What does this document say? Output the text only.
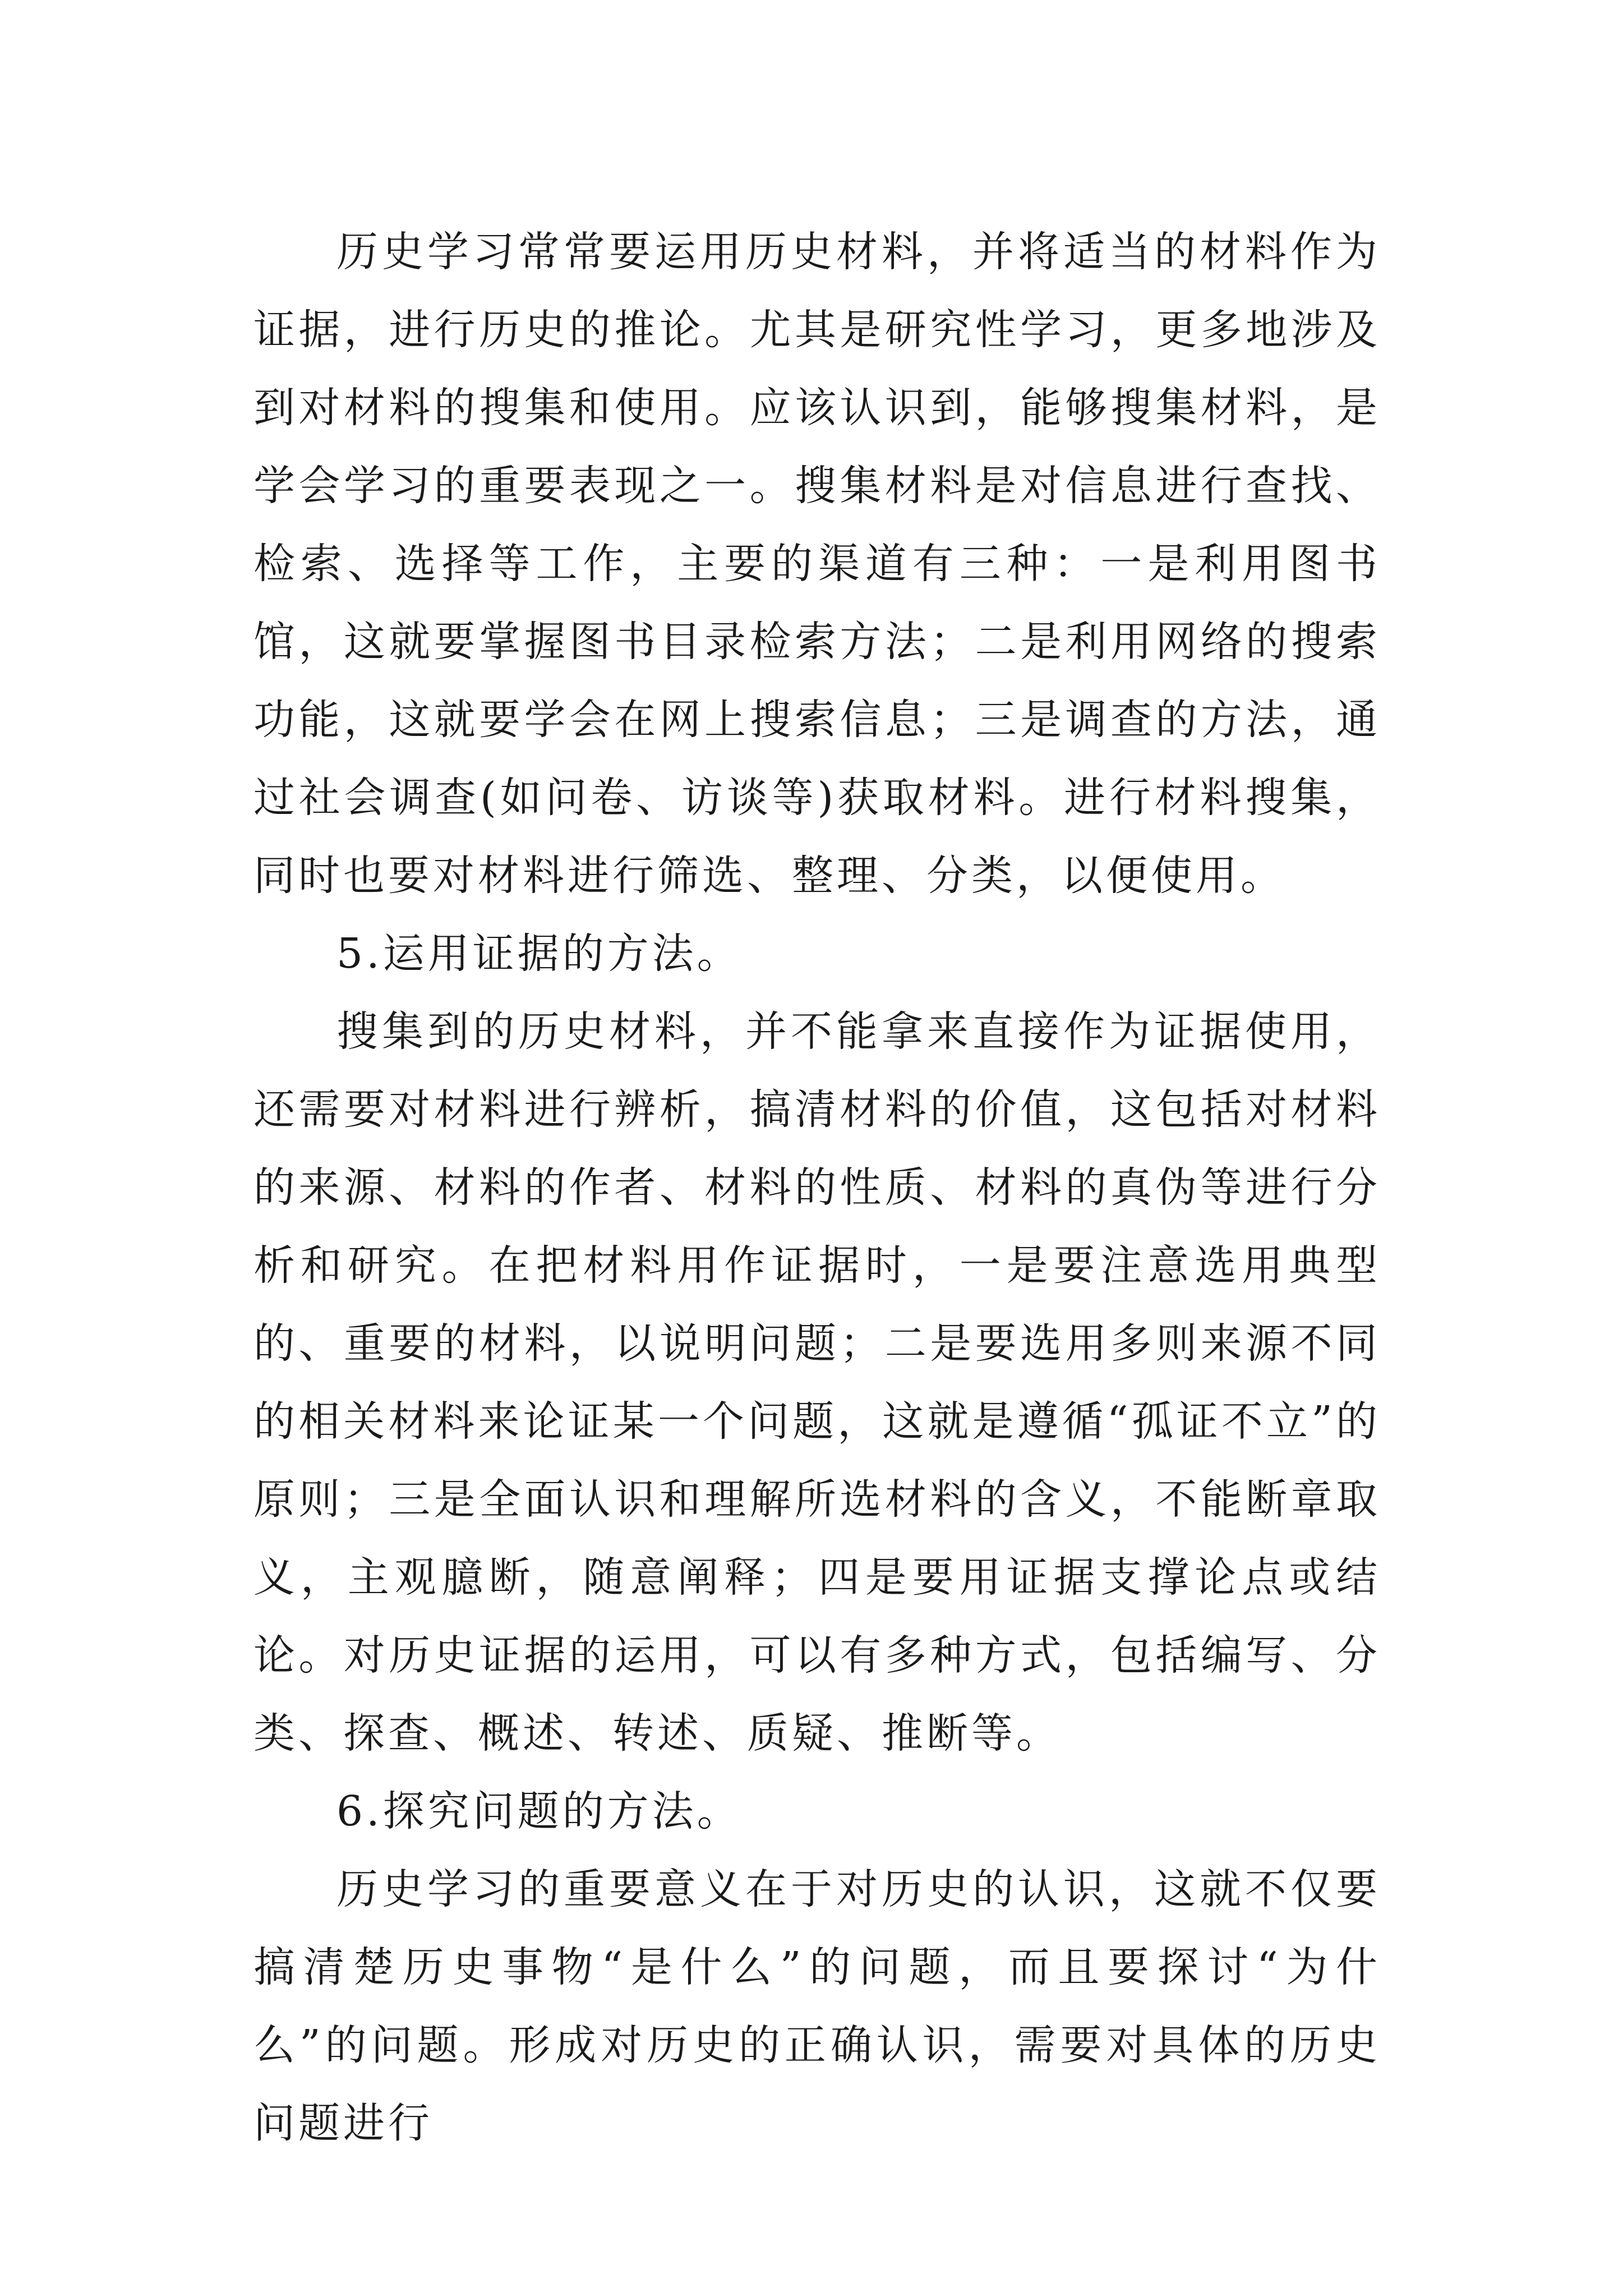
历史学习常常要运用历史材料，并将适当的材料作为证据，进行历史的推论。尤其是研究性学习，更多地涉及到对材料的搜集和使用。应该认识到，能够搜集材料，是学会学习的重要表现之一。搜集材料是对信息进行查找、检索、选择等工作，主要的渠道有三种：一是利用图书馆，这就要掌握图书目录检索方法；二是利用网络的搜索功能，这就要学会在网上搜索信息；三是调查的方法，通过社会调查(如问卷、访谈等)获取材料。进行材料搜集，同时也要对材料进行筛选、整理、分类，以便使用。

5.运用证据的方法。

搜集到的历史材料，并不能拿来直接作为证据使用，还需要对材料进行辨析，搞清材料的价值，这包括对材料的来源、材料的作者、材料的性质、材料的真伪等进行分析和研究。在把材料用作证据时，一是要注意选用典型的、重要的材料，以说明问题；二是要选用多则来源不同的相关材料来论证某一个问题，这就是遵循“孤证不立”的原则；三是全面认识和理解所选材料的含义，不能断章取义，主观臆断，随意阐释；四是要用证据支撑论点或结论。对历史证据的运用，可以有多种方式，包括编写、分类、探查、概述、转述、质疑、推断等。

6.探究问题的方法。

历史学习的重要意义在于对历史的认识，这就不仅要搞清楚历史事物“是什么”的问题，而且要探讨“为什么”的问题。形成对历史的正确认识，需要对具体的历史问题进行
